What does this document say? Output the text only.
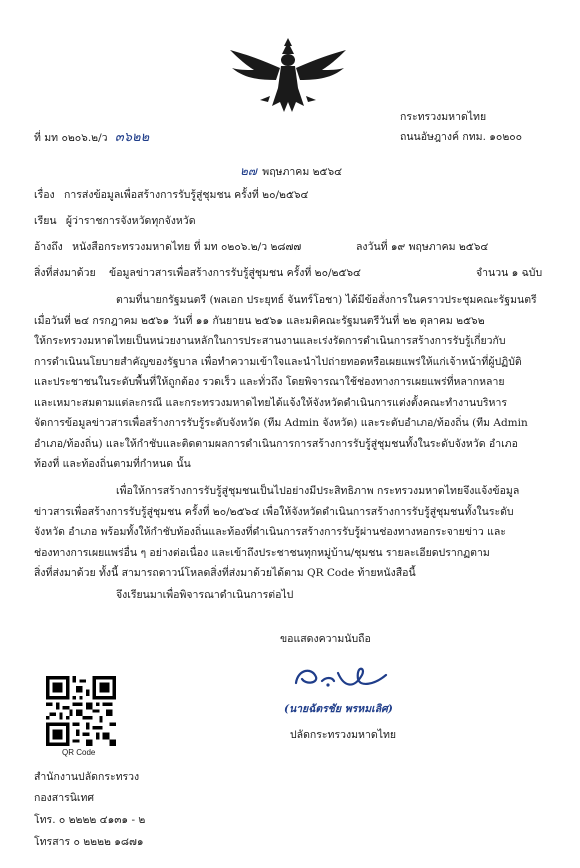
ที่ มท ๐๒๐๖.๒/ว ๓๖๒๒
กระทรวงมหาดไทย
ถนนอัษฎางค์ กทม. ๑๐๒๐๐
๒๗ พฤษภาคม ๒๕๖๔
เรื่อง การส่งข้อมูลเพื่อสร้างการรับรู้สู่ชุมชน ครั้งที่ ๒๐/๒๕๖๔
เรียน ผู้ว่าราชการจังหวัดทุกจังหวัด
อ้างถึง หนังสือกระทรวงมหาดไทย ที่ มท ๐๒๐๖.๒/ว ๒๘๗๗	ลงวันที่ ๑๙ พฤษภาคม ๒๕๖๔
สิ่งที่ส่งมาด้วย ข้อมูลข่าวสารเพื่อสร้างการรับรู้สู่ชุมชน ครั้งที่ ๒๐/๒๕๖๔	จำนวน ๑ ฉบับ
ตามที่นายกรัฐมนตรี (พลเอก ประยุทธ์ จันทร์โอชา) ได้มีข้อสั่งการในคราวประชุมคณะรัฐมนตรี
เมื่อวันที่ ๒๔ กรกฎาคม ๒๕๖๑ วันที่ ๑๑ กันยายน ๒๕๖๑ และมติคณะรัฐมนตรีวันที่ ๒๒ ตุลาคม ๒๕๖๒
ให้กระทรวงมหาดไทยเป็นหน่วยงานหลักในการประสานงานและเร่งรัดการดำเนินการสร้างการรับรู้เกี่ยวกับ
การดำเนินนโยบายสำคัญของรัฐบาล เพื่อทำความเข้าใจและนำไปถ่ายทอดหรือเผยแพร่ให้แก่เจ้าหน้าที่ผู้ปฏิบัติ
และประชาชนในระดับพื้นที่ให้ถูกต้อง รวดเร็ว และทั่วถึง โดยพิจารณาใช้ช่องทางการเผยแพร่ที่หลากหลาย
และเหมาะสมตามแต่ละกรณี และกระทรวงมหาดไทยได้แจ้งให้จังหวัดดำเนินการแต่งตั้งคณะทำงานบริหาร
จัดการข้อมูลข่าวสารเพื่อสร้างการรับรู้ระดับจังหวัด (ทีม Admin จังหวัด) และระดับอำเภอ/ท้องถิ่น (ทีม Admin
อำเภอ/ท้องถิ่น) และให้กำชับและติดตามผลการดำเนินการการสร้างการรับรู้สู่ชุมชนทั้งในระดับจังหวัด อำเภอ
ท้องที่ และท้องถิ่นตามที่กำหนด นั้น
เพื่อให้การสร้างการรับรู้สู่ชุมชนเป็นไปอย่างมีประสิทธิภาพ กระทรวงมหาดไทยจึงแจ้งข้อมูล
ข่าวสารเพื่อสร้างการรับรู้สู่ชุมชน ครั้งที่ ๒๐/๒๕๖๔ เพื่อให้จังหวัดดำเนินการสร้างการรับรู้สู่ชุมชนทั้งในระดับ
จังหวัด อำเภอ พร้อมทั้งให้กำชับท้องถิ่นและท้องที่ดำเนินการสร้างการรับรู้ผ่านช่องทางหอกระจายข่าว และ
ช่องทางการเผยแพร่อื่น ๆ อย่างต่อเนื่อง และเข้าถึงประชาชนทุกหมู่บ้าน/ชุมชน รายละเอียดปรากฏตาม
สิ่งที่ส่งมาด้วย ทั้งนี้ สามารถดาวน์โหลดสิ่งที่ส่งมาด้วยได้ตาม QR Code ท้ายหนังสือนี้
จึงเรียนมาเพื่อพิจารณาดำเนินการต่อไป
ขอแสดงความนับถือ
(นายฉัตรชัย พรหมเลิศ)
ปลัดกระทรวงมหาดไทย
QR Code
สำนักงานปลัดกระทรวง
กองสารนิเทศ
โทร. ๐ ๒๒๒๒ ๔๑๓๑ - ๒
โทรสาร ๐ ๒๒๒๒ ๑๘๗๑
